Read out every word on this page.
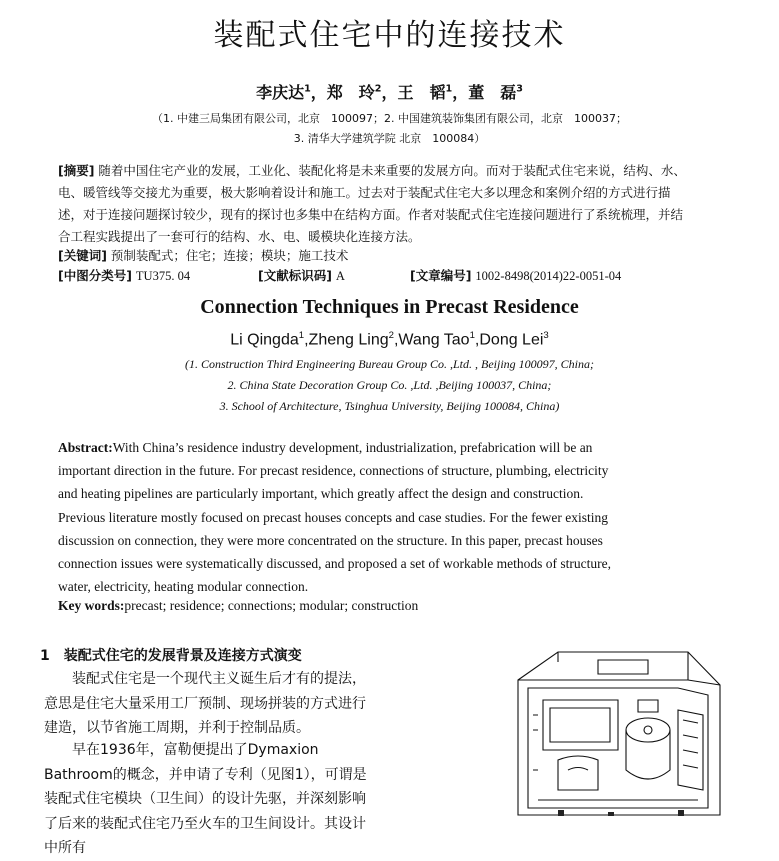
装配式住宅中的连接技术
李庆达$^1$，郑　玲$^2$，王　韬$^1$，董　磊$^3$
（1. 中建三局集团有限公司，北京　100097；2. 中国建筑装饰集团有限公司，北京　100037；
3. 清华大学建筑学院 北京　100084）
[摘要] 随着中国住宅产业的发展，工业化、装配化将是未来重要的发展方向。而对于装配式住宅来说，结构、水、
电、暖管线等交接尤为重要，极大影响着设计和施工。过去对于装配式住宅大多以理念和案例介绍的方式进行描
述，对于连接问题探讨较少，现有的探讨也多集中在结构方面。作者对装配式住宅连接问题进行了系统梳理，并结
合工程实践提出了一套可行的结构、水、电、暖模块化连接方法。
[关键词] 预制装配式；住宅；连接；模块；施工技术
[中图分类号] TU375. 04	[文献标识码] A	[文章编号] 1002-8498(2014)22-0051-04
Connection Techniques in Precast Residence
Li Qingda$^1$,Zheng Ling$^2$,Wang Tao$^1$,Dong Lei$^3$
(1. Construction Third Engineering Bureau Group Co. ,Ltd. , Beijing 100097, China;
2. China State Decoration Group Co. ,Ltd. ,Beijing 100037, China;
3. School of Architecture, Tsinghua University, Beijing 100084, China)
Abstract:With China’s residence industry development, industrialization, prefabrication will be an
important direction in the future. For precast residence, connections of structure, plumbing, electricity
and heating pipelines are particularly important, which greatly affect the design and construction.
Previous literature mostly focused on precast houses concepts and case studies. For the fewer existing
discussion on connection, they were more concentrated on the structure. In this paper, precast houses
connection issues were systematically discussed, and proposed a set of workable methods of structure,
water, electricity, heating modular connection.
Key words:precast; residence; connections; modular; construction
1　装配式住宅的发展背景及连接方式演变
装配式住宅是一个现代主义诞生后才有的提法，意思是住宅大量采用工厂预制、现场拼装的方式进行建造，以节省施工周期，并利于控制品质。
早在1936年，富勒便提出了Dymaxion Bathroom的概念，并申请了专利（见图1），可谓是装配式住宅模块（卫生间）的设计先驱，并深刻影响了后来的装配式住宅乃至火车的卫生间设计。其设计中所有
